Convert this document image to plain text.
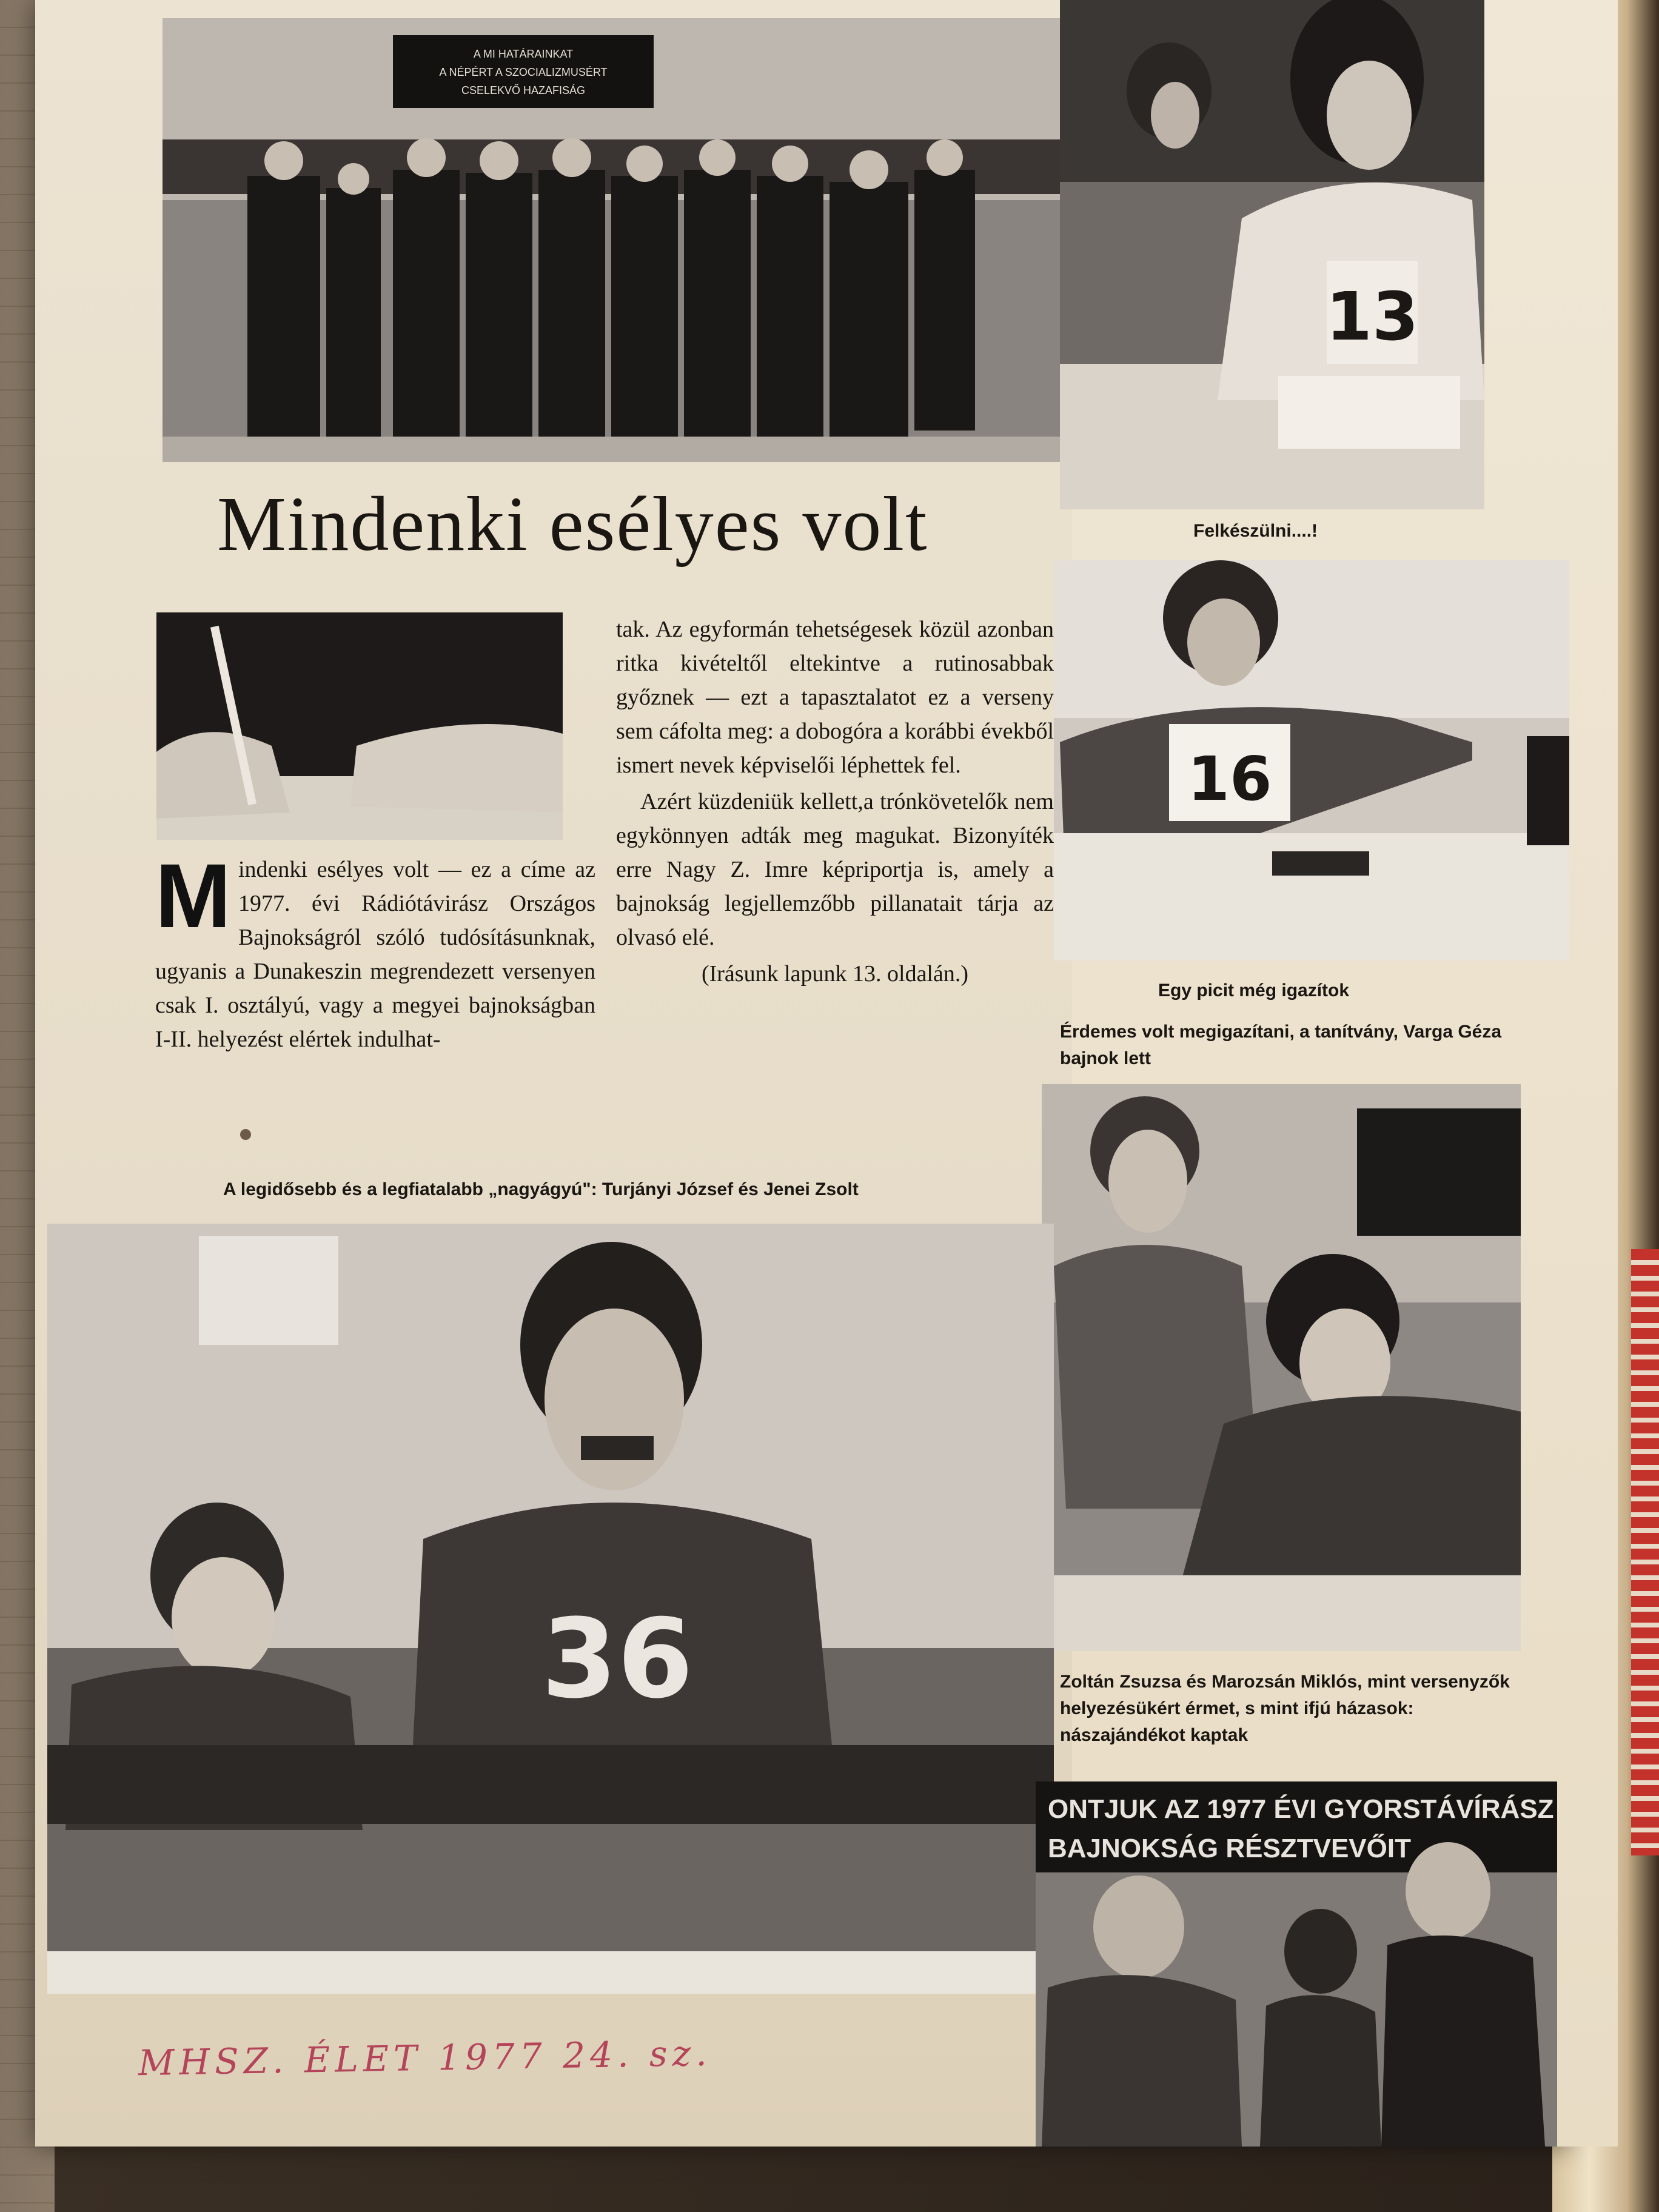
A MI HATÁRAINKAT
A NÉPÉRT A SZOCIALIZMUSÉRT
CSELEKVŐ HAZAFISÁG
13
Mindenki esélyes volt
M indenki esélyes volt — ez a címe az 1977. évi Rádiótávirász Országos Bajnokságról szóló tudósításunknak, ugyanis a Dunakeszin megrendezett versenyen csak I. osztályú, vagy a megyei bajnokságban I-II. helyezést elértek indulhat-

tak. Az egyformán tehetségesek közül azonban ritka kivételtől eltekintve a rutinosabbak győznek — ezt a tapasztalatot ez a verseny sem cáfolta meg: a dobogóra a korábbi évekből ismert nevek képviselői léphettek fel.

Azért küzdeniük kellett,a trónkövetelők nem egykönnyen adták meg magukat. Bizonyíték erre Nagy Z. Imre képriportja is, amely a bajnokság legjellemzőbb pillanatait tárja az olvasó elé.

(Irásunk lapunk 13. oldalán.)

Felkészülni....!
16
Egy picit még igazítok
Érdemes volt megigazítani, a tanítvány, Varga Géza bajnok lett
Zoltán Zsuzsa és Marozsán Miklós, mint versenyzők helyezésükért érmet, s mint ifjú házasok: nászajándékot kaptak
A legidősebb és a legfiatalabb „nagyágyú": Turjányi József és Jenei Zsolt
36
ONTJUK AZ 1977 ÉVI GYORSTÁVÍRÁSZ
BAJNOKSÁG RÉSZTVEVŐIT
MHSZ. ÉLET 1977 24. sz.
